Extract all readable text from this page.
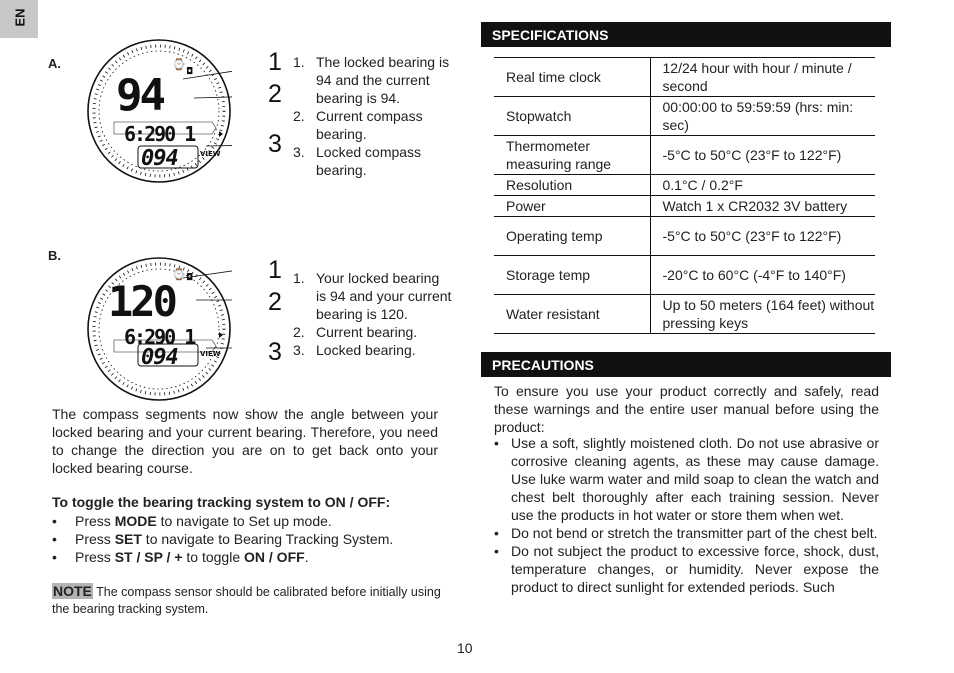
EN
A.	⌚
◘
94
6:290 1
094	VIEW
1
2
3
1. The locked bearing is 94 and the current bearing is 94.
2. Current compass bearing.
3. Locked compass bearing.
B.
⌚ ◘
120
6:290 1
094	VIEW
1
2
3
1. Your locked bearing is 94 and your current bearing is 120.
2. Current bearing.
3. Locked bearing.

The compass segments now show the angle between your locked bearing and your current bearing. Therefore, you need to change the direction you are on to get back onto your locked bearing course.

To toggle the bearing tracking system to ON / OFF:
•	Press MODE to navigate to Set up mode.
•	Press SET to navigate to Bearing Tracking System.
•	Press ST / SP / + to toggle ON / OFF.

NOTE The compass sensor should be calibrated before initially using the bearing tracking system.

SPECIFICATIONS
Real time clock	12/24 hour with hour / minute / second
Stopwatch	00:00:00 to 59:59:59 (hrs: min: sec)
Thermometer measuring range	-5°C to 50°C (23°F to 122°F)
Resolution	0.1°C / 0.2°F
Power	Watch 1 x CR2032 3V battery
Operating temp	-5°C to 50°C (23°F to 122°F)
Storage temp	-20°C to 60°C (-4°F to 140°F)
Water resistant	Up to 50 meters (164 feet) without pressing keys
PRECAUTIONS

To ensure you use your product correctly and safely, read these warnings and the entire user manual before using the product:

• Use a soft, slightly moistened cloth. Do not use abrasive or corrosive cleaning agents, as these may cause damage. Use luke warm water and mild soap to clean the watch and chest belt thoroughly after each training session. Never use the products in hot water or store them when wet.
• Do not bend or stretch the transmitter part of the chest belt.
• Do not subject the product to excessive force, shock, dust, temperature changes, or humidity. Never expose the product to direct sunlight for extended periods. Such
10
